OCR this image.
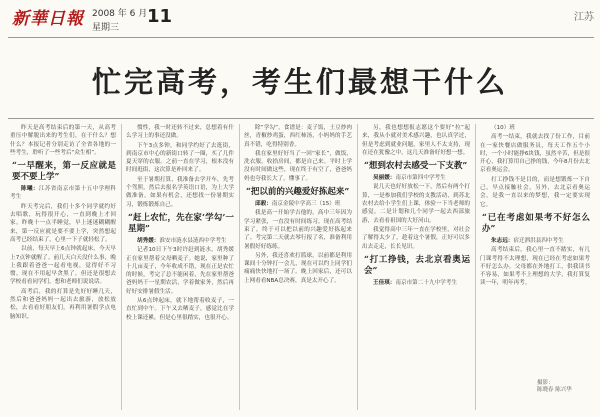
新華日報 2008 年 6 月
星期三
11	江苏
忙完高考，考生们最想干什么

昨天是高考结束后的第一天，从高考重压中解脱出来的考生们，在干什么？想什么？本报记者分别走访了全省各地的一些考生，聆听了一些考后“众生相”。

“一早醒来，第一反应就是要不要上学”

陈曦：江苏省南京市第十五中学理科考生

昨天考完后，我们十多个同学就约好去唱歌，玩得很开心，一直到晚上才回家。昨晚十一点半睡觉，早上迷迷糊糊醒来，第一反应就是要不要上学，突然想起高考已经结束了，心里一下子就轻松了。

以前，每天早上6点钟就起床，今天早上7点钟就醒了。前几天白天没什么事，晚上我跟着爸爸一起看电视，觉得好不习惯。现在不用起早贪黑了，但还是很想去学校看看同学们，想和老师们说说话。

高考后，我的打算是先好好睡几天，然后和爸爸妈妈一起出去旅游，放松放松，去看看好朋友们，再利用暑假学点电脑知识。

惯性，我一时还转不过来，总想着有什么学习上的事还没做。

下午3点多钟，和同学约好了去逛街，到南京市中心的新街口转了一圈，买了几件夏天穿的衣服。之前一直在学习，根本没有时间逛街，这次算是补回来了。

至于暑期打算，我准备去学开车，先考个驾照，然后去报名学英语口语，为上大学做准备。如果有机会，还想找一份暑期实习，锻炼锻炼自己。

“赶上农忙，先在家‘学勾’一星期”

胡秀媛：淮安市涟水县涟西中学考生

记者10日下午3时许赶到涟水，胡秀媛正在家里帮着父母晒麦子。她说，家里种了十几亩麦子，今年收成不错，现在正是农忙的时候，考完了总不能闲着，先在家里帮爸爸妈妈干一星期农活，学着做家务，然后再好好安排暑假生活。

从6点钟起床，就下地帮着收麦子，一直忙到中午。下午又去晒麦子，感觉比在学校上课还累，但是心里很踏实，也很开心。

除“学勾”，食谱是：麦子饭，土豆炒肉丝，青椒炒鸡蛋，西红柿汤，小妈妈的手艺真不错，吃得特别香。

我在家里好好当了一回“家长”，做饭，洗衣服，收拾房间，都是自己来。平时上学没有时间做这些，现在终于有空了，爸爸妈妈也夸我长大了，懂事了。

“把以前的兴趣爱好拣起来”

邱毅：南京金陵中学高三（15）班

我是高一开始学吉他的，高中三年因为学习紧张，一直没有时间练习，现在高考结束了，终于可以把以前的兴趣爱好拣起来了。考完第二天就去琴行报了名，准备利用暑假好好练练。

另外，我还喜欢打篮球，以前都是利用课间十分钟打一会儿，现在可以约上同学们痛痛快快地打一场了。晚上回家后，还可以上网看看NBA总决赛，真是太开心了。

另，我也想想报志愿这个要好“拉”起来，我从小就对美术感兴趣，也认真学过，但是考虑到就业问题，家里人不太支持，现在还在犹豫之中，这几天准备好好想一想。

“想到农村去感受一下支教”

吴丽媛：南京市第四中学考生

说几天也好好放松一下，然后有两个打算，一是参加我们学校的支教活动，到苏北农村去给小学生们上课，体验一下当老师的感觉。二是计划和几个同学一起去西部旅游，去看看祖国的大好河山。

我觉得高中三年一直在学校里，对社会了解得太少了，趁着这个暑假，正好可以多出去走走，长长见识。

“打工挣钱，去北京看奥运会”

王佳琪：南京市第二十九中学考生

（10）班

高考一结束，我就去找了份工作，目前在一家快餐店做服务员，每天工作五个小时，一个小时能挣6块钱，虽然辛苦，但是很开心，我打算用自己挣的钱，今年8月份去北京看奥运会。

打工挣钱不是目的，而是想锻炼一下自己，早点接触社会，另外，去北京看奥运会，是我一直以来的梦想，我一定要实现它。

“已在考虑如果考不好怎么办”

朱志远：宿迁泗洪县四中考生

高考结束后，我心里一直不踏实，有几门课考得不太理想，现在已经在考虑如果考不好怎么办。父母都在外地打工，供我读书不容易，如果考不上理想的大学，我打算复读一年，明年再考。

摄影：
陈晓春 陈兴华
